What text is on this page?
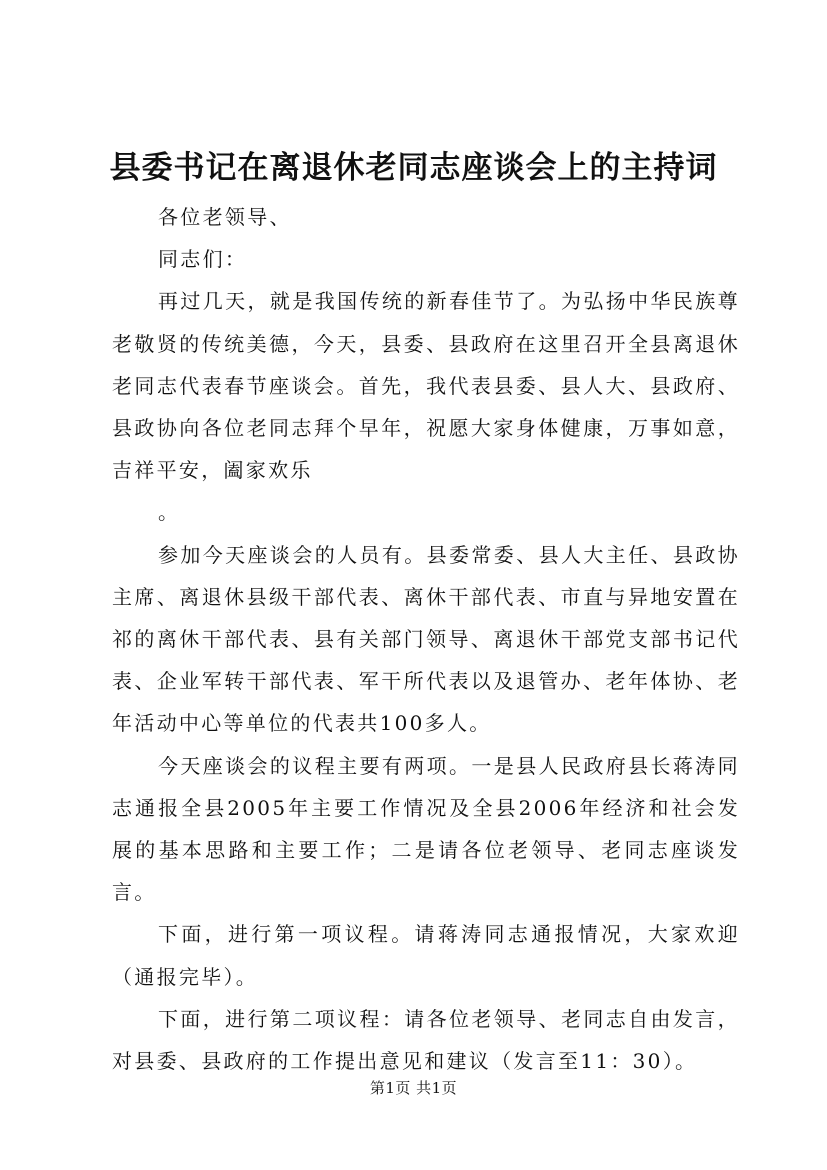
县委书记在离退休老同志座谈会上的主持词

各位老领导、

同志们：

再过几天，就是我国传统的新春佳节了。为弘扬中华民族尊老敬贤的传统美德，今天，县委、县政府在这里召开全县离退休老同志代表春节座谈会。首先，我代表县委、县人大、县政府、县政协向各位老同志拜个早年，祝愿大家身体健康，万事如意，吉祥平安，阖家欢乐

。

参加今天座谈会的人员有。县委常委、县人大主任、县政协主席、离退休县级干部代表、离休干部代表、市直与异地安置在祁的离休干部代表、县有关部门领导、离退休干部党支部书记代表、企业军转干部代表、军干所代表以及退管办、老年体协、老年活动中心等单位的代表共100多人。

今天座谈会的议程主要有两项。一是县人民政府县长蒋涛同志通报全县2005年主要工作情况及全县2006年经济和社会发展的基本思路和主要工作；二是请各位老领导、老同志座谈发言。

下面，进行第一项议程。请蒋涛同志通报情况，大家欢迎（通报完毕）。

下面，进行第二项议程：请各位老领导、老同志自由发言，对县委、县政府的工作提出意见和建议（发言至11：30）。

第1页 共1页
